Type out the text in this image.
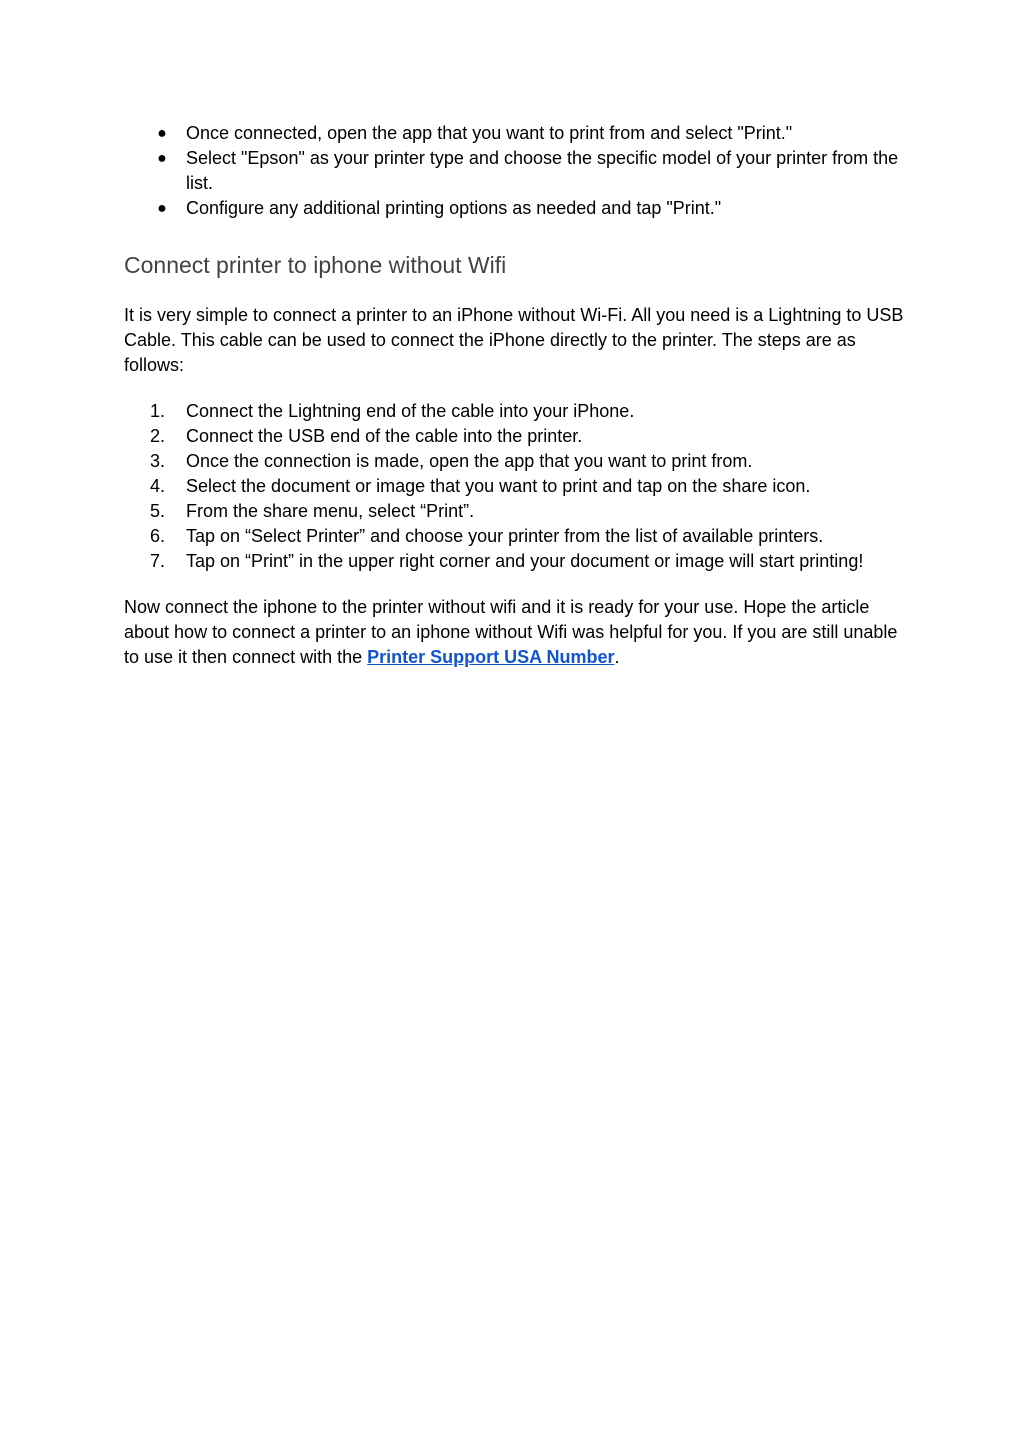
● Once connected, open the app that you want to print from and select "Print."
● Select "Epson" as your printer type and choose the specific model of your printer from the list.
● Configure any additional printing options as needed and tap "Print."
Connect printer to iphone without Wifi

It is very simple to connect a printer to an iPhone without Wi-Fi. All you need is a Lightning to USB Cable. This cable can be used to connect the iPhone directly to the printer. The steps are as follows:

1.	Connect the Lightning end of the cable into your iPhone.
2.	Connect the USB end of the cable into the printer.
3.	Once the connection is made, open the app that you want to print from.
4.	Select the document or image that you want to print and tap on the share icon.
5.	From the share menu, select “Print”.
6.	Tap on “Select Printer” and choose your printer from the list of available printers.
7.	Tap on “Print” in the upper right corner and your document or image will start printing!

Now connect the iphone to the printer without wifi and it is ready for your use. Hope the article about how to connect a printer to an iphone without Wifi was helpful for you. If you are still unable to use it then connect with the Printer Support USA Number.
